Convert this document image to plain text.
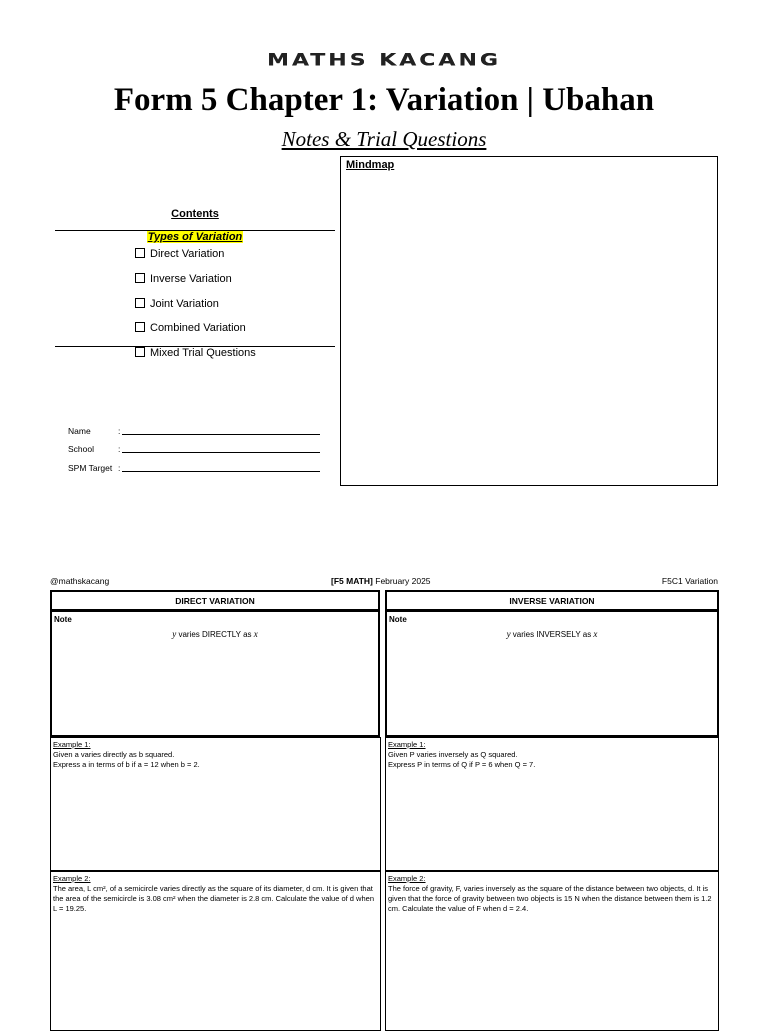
MATHS KACANG
Form 5 Chapter 1: Variation | Ubahan
Notes & Trial Questions
Mindmap
Contents
Types of Variation
Direct Variation
Inverse Variation
Joint Variation
Combined Variation
Mixed Trial Questions
Name	:
School	:
SPM Target :
@mathskacang	[F5 MATH] February 2025	F5C1 Variation
DIRECT VARIATION
Note
y varies DIRECTLY as x
Example 1:
Given a varies directly as b squared.
Express a in terms of b if a = 12 when b = 2.
Example 2:
The area, L cm², of a semicircle varies directly as the square of its diameter, d cm. It is given that the area of the semicircle is 3.08 cm² when the diameter is 2.8 cm. Calculate the value of d when L = 19.25.
INVERSE VARIATION
Note
y varies INVERSELY as x
Example 1:
Given P varies inversely as Q squared.
Express P in terms of Q if P = 6 when Q = 7.
Example 2:
The force of gravity, F, varies inversely as the square of the distance between two objects, d. It is given that the force of gravity between two objects is 15 N when the distance between them is 1.2 cm. Calculate the value of F when d = 2.4.
